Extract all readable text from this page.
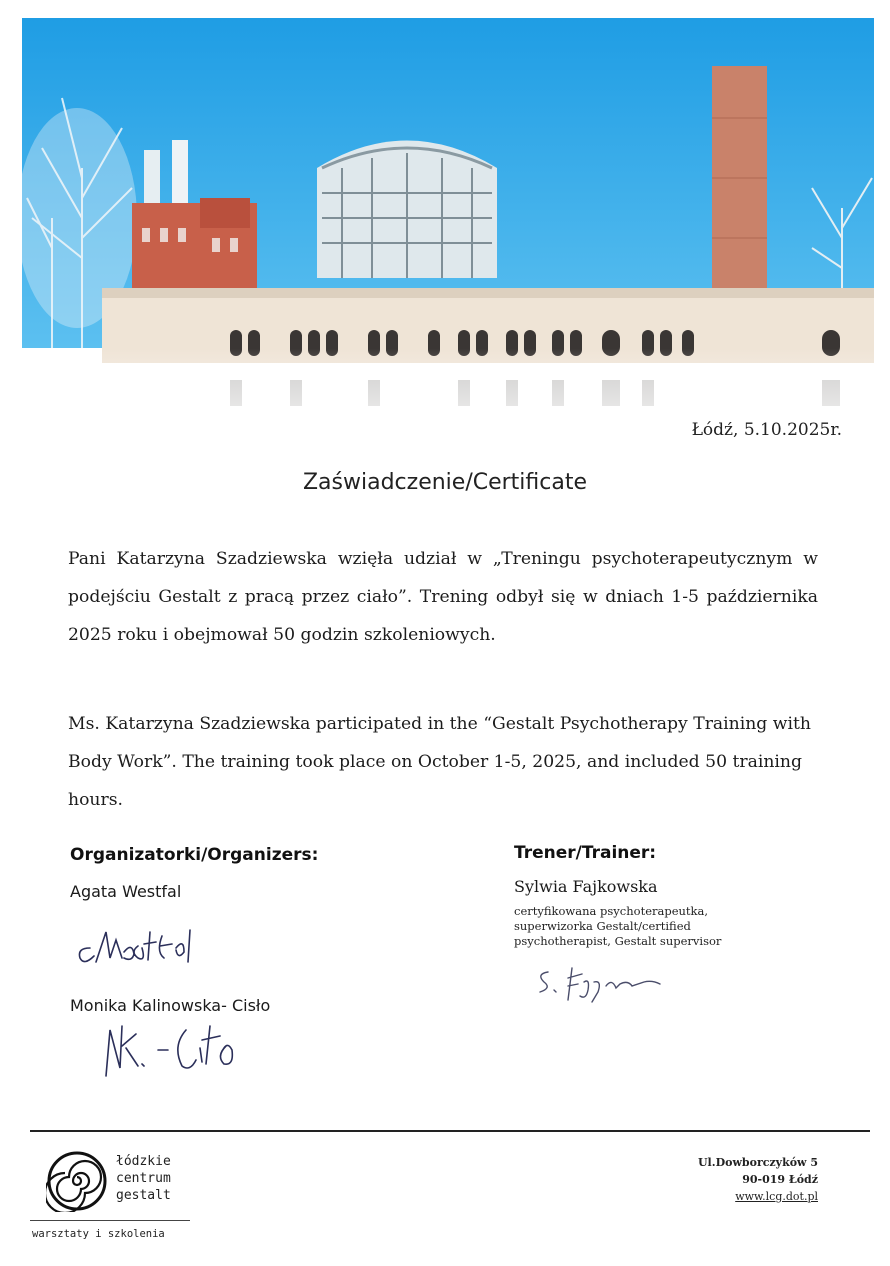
Łódź, 5.10.2025r.
Zaświadczenie/Certificate

Pani Katarzyna Szadziewska wzięła udział w „Treningu psychoterapeutycznym w podejściu Gestalt z pracą przez ciało”. Trening odbył się w dniach 1-5 października 2025 roku i obejmował 50 godzin szkoleniowych.

Ms. Katarzyna Szadziewska participated in the “Gestalt Psychotherapy Training with Body Work”. The training took place on October 1-5, 2025, and included 50 training hours.

Organizatorki/Organizers:
Agata Westfal
Monika Kalinowska- Cisło
Trener/Trainer:
Sylwia Fajkowska
certyfikowana psychoterapeutka, superwizorka Gestalt/certified psychotherapist, Gestalt supervisor
łódzkie
centrum
gestalt
warsztaty i szkolenia
Ul.Dowborczyków 5
90-019 Łódź
www.lcg.dot.pl
